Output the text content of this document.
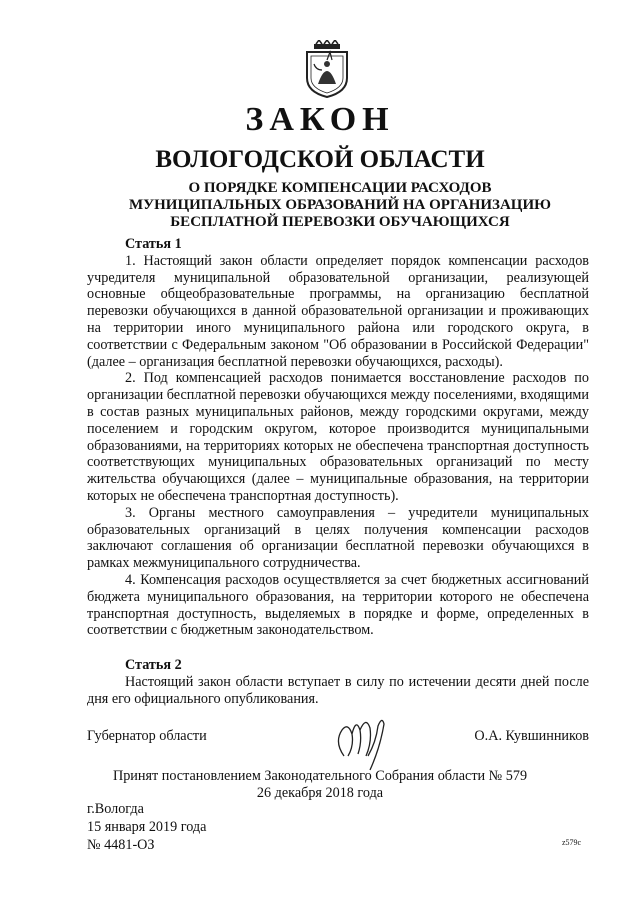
ЗАКОН
ВОЛОГОДСКОЙ ОБЛАСТИ
О ПОРЯДКЕ КОМПЕНСАЦИИ РАСХОДОВ
МУНИЦИПАЛЬНЫХ ОБРАЗОВАНИЙ НА ОРГАНИЗАЦИЮ
БЕСПЛАТНОЙ ПЕРЕВОЗКИ ОБУЧАЮЩИХСЯ
Статья 1

1. Настоящий закон области определяет порядок компенсации расходов учредителя муниципальной образовательной организации, реализующей основные общеобразовательные программы, на организацию бесплатной перевозки обучающихся в данной образовательной организации и проживающих на территории иного муниципального района или городского округа, в соответствии с Федеральным законом "Об образовании в Российской Федерации" (далее – организация бесплатной перевозки обучающихся, расходы).

2. Под компенсацией расходов понимается восстановление расходов по организации бесплатной перевозки обучающихся между поселениями, входящими в состав разных муниципальных районов, между городскими округами, между поселением и городским округом, которое производится муниципальными образованиями, на территориях которых не обеспечена транспортная доступность соответствующих муниципальных образовательных организаций по месту жительства обучающихся (далее – муниципальные образования, на территории которых не обеспечена транспортная доступность).

3. Органы местного самоуправления – учредители муниципальных образовательных организаций в целях получения компенсации расходов заключают соглашения об организации бесплатной перевозки обучающихся в рамках межмуниципального сотрудничества.

4. Компенсация расходов осуществляется за счет бюджетных ассигнований бюджета муниципального образования, на территории которого не обеспечена транспортная доступность, выделяемых в порядке и форме, определенных в соответствии с бюджетным законодательством.

Статья 2

Настоящий закон области вступает в силу по истечении десяти дней после дня его официального опубликования.

Губернатор области	О.А. Кувшинников
Принят постановлением Законодательного Собрания области № 579
26 декабря 2018 года
г.Вологда
15 января 2019 года
№ 4481-ОЗ	z579c
